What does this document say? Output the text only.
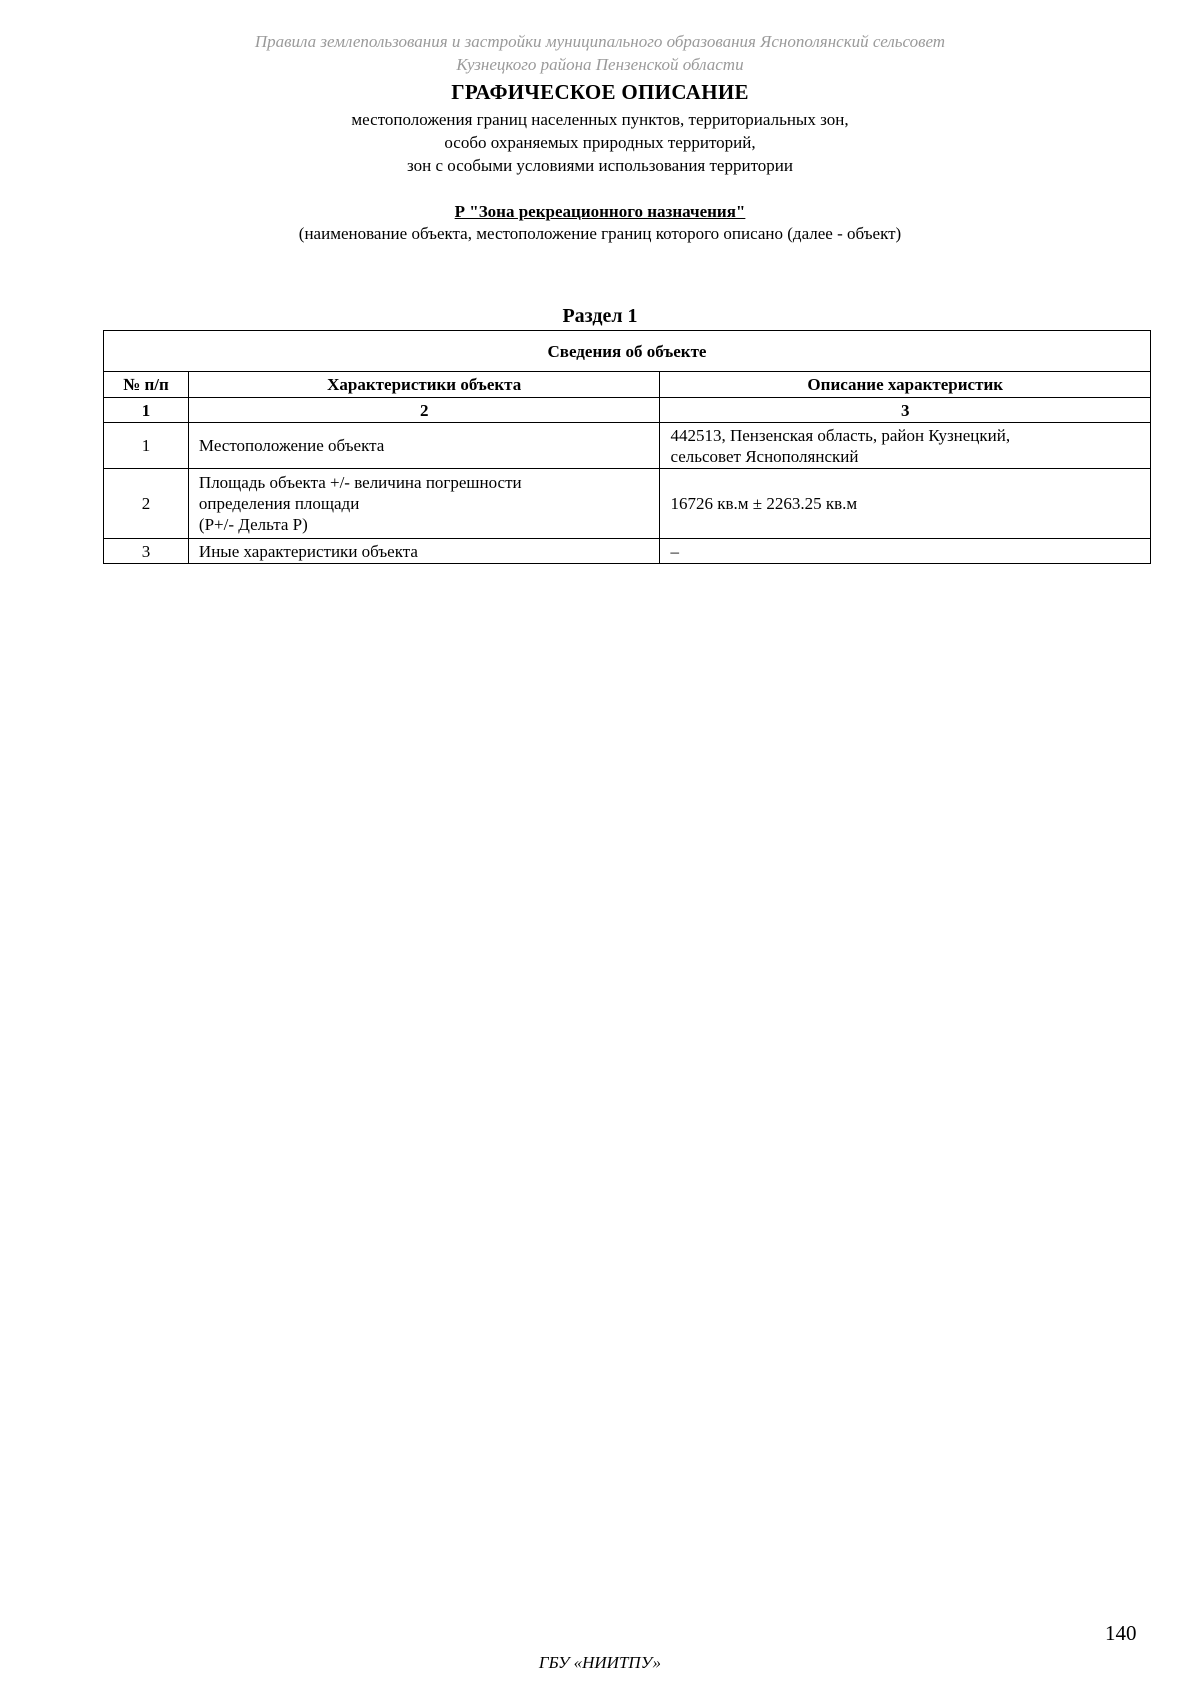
Правила землепользования и застройки муниципального образования Яснополянский сельсовет
Кузнецкого района Пензенской области
ГРАФИЧЕСКОЕ ОПИСАНИЕ
местоположения границ населенных пунктов, территориальных зон,
особо охраняемых природных территорий,
зон с особыми условиями использования территории
Р "Зона рекреационного назначения"
(наименование объекта, местоположение границ которого описано (далее - объект)
Раздел 1
Сведения об объекте		
№ п/п	Характеристики объекта	Описание характеристик
1	2	3
1	Местоположение объекта	442513, Пензенская область, район Кузнецкий,
сельсовет Яснополянский

2	Площадь объекта +/- величина погрешности
определения площади
(P+/- Дельта P)	16726 кв.м ± 2263.25 кв.м

3	Иные характеристики объекта	–
140
ГБУ «НИИТПУ»
